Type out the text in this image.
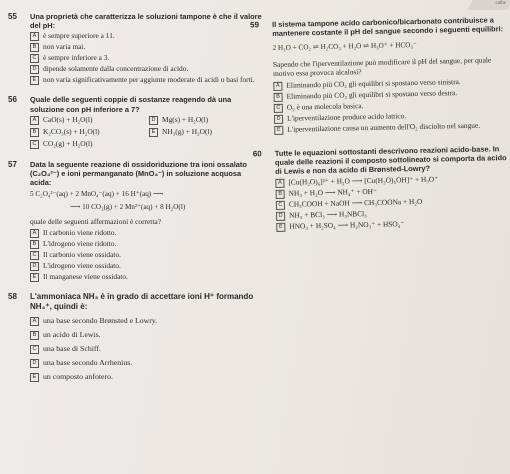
calbe
55 Una proprietà che caratterizza le soluzioni tampone è che il valore del pH:
A è sempre superiore a 11.
B non varia mai.
C è sempre inferiore a 3.
D dipende solamente dalla concentrazione di acido.
E non varia significativamente per aggiunte moderate di acidi o basi forti.
56 Quale delle seguenti coppie di sostanze reagendo dà una soluzione con pH inferiore a 7?
A CaO(s) + H₂O(l)	D Mg(s) + H₂O(l)
B K₂CO₃(s) + H₂O(l)	E NH₃(g) + H₂O(l)
C CO₂(g) + H₂O(l)
57 Data la seguente reazione di ossidoriduzione tra ioni ossalato (C₂O₄²⁻) e ioni permanganato (MnO₄⁻) in soluzione acquosa acida:
5 C₂O₄²⁻(aq) + 2 MnO₄⁻(aq) + 16 H⁺(aq) ⟶
⟶ 10 CO₂(g) + 2 Mn²⁺(aq) + 8 H₂O(l)
quale delle seguenti affermazioni è corretta?
A Il carbonio viene ridotto.
B L'idrogeno viene ridotto.
C Il carbonio viene ossidato.
D L'idrogeno viene ossidato.
E Il manganese viene ossidato.
58 L'ammoniaca NH₃ è in grado di accettare ioni H⁺ formando NH₄⁺, quindi è:
A una base secondo Brønsted e Lowry.
B un acido di Lewis.
C una base di Schiff.
D una base secondo Arrhenius.
E un composto anfotero.
59 Il sistema tampone acido carbonico/bicarbonato contribuisce a mantenere costante il pH del sangue secondo i seguenti equilibri:
2 H₂O + CO₂ ⇌ H₂CO₃ + H₂O ⇌ H₃O⁺ + HCO₃⁻
Sapendo che l'iperventilazione può modificare il pH del sangue, per quale motivo essa provoca alcalosi?
A Eliminando più CO₂ gli equilibri si spostano verso sinistra.
B Eliminando più CO₂ gli equilibri si spostano verso destra.
C O₂ è una molecola basica.
D L'iperventilazione produce acido lattico.
E L'iperventilazione causa un aumento dell'O₂ disciolto nel sangue.
60 Tutte le equazioni sottostanti descrivono reazioni acido-base. In quale delle reazioni il composto sottolineato si comporta da acido di Lewis e non da acido di Brønsted-Lowry?
A [Cu(H₂O)₆]²⁺ + H₂O ⟶ [Cu(H₂O)₅OH]⁺ + H₃O⁺
B NH₃ + H₂O ⟶ NH₄⁺ + OH⁻
C CH₃COOH + NaOH ⟶ CH₃COONa + H₂O
D NH₃ + BCl₃ ⟶ H₃NBCl₃
E HNO₃ + H₂SO₄ ⟶ H₂NO₃⁺ + HSO₄⁻
